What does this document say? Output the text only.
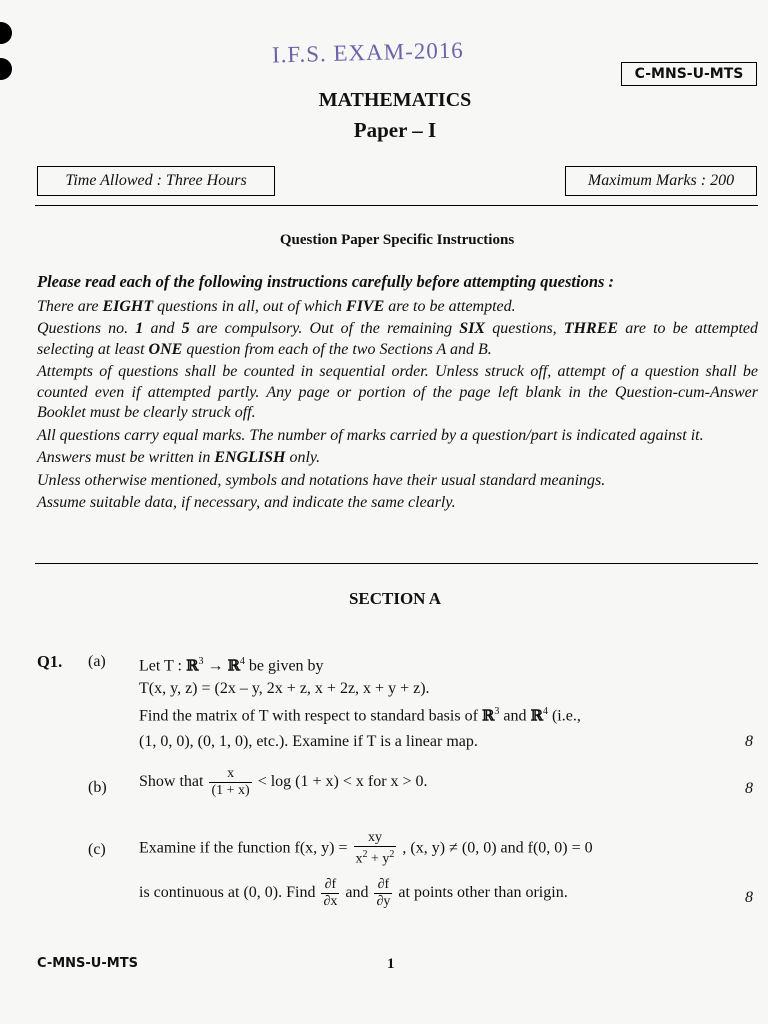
I.F.S. EXAM-2016
C-MNS-U-MTS
MATHEMATICS
Paper – I
Time Allowed : Three Hours	Maximum Marks : 200
Question Paper Specific Instructions

Please read each of the following instructions carefully before attempting questions :

There are EIGHT questions in all, out of which FIVE are to be attempted.

Questions no. 1 and 5 are compulsory. Out of the remaining SIX questions, THREE are to be attempted selecting at least ONE question from each of the two Sections A and B.

Attempts of questions shall be counted in sequential order. Unless struck off, attempt of a question shall be counted even if attempted partly. Any page or portion of the page left blank in the Question-cum-Answer Booklet must be clearly struck off.

All questions carry equal marks. The number of marks carried by a question/part is indicated against it.

Answers must be written in ENGLISH only.

Unless otherwise mentioned, symbols and notations have their usual standard meanings.

Assume suitable data, if necessary, and indicate the same clearly.

SECTION A
Q1. (a) Let T : ℝ$^3$ → ℝ$^4$ be given by
T(x, y, z) = (2x – y, 2x + z, x + 2z, x + y + z).
Find the matrix of T with respect to standard basis of ℝ$^3$ and ℝ$^4$ (i.e.,
(1, 0, 0), (0, 1, 0), etc.). Examine if T is a linear map.	8
(b) Show that $\frac{x}{(1 + x)} < \log (1 + x) < x$ for x > 0.	8
(c) Examine if the function f(x, $y) = \frac{xy}{x^2 + y^2}$ , (x, y) ≠ (0, 0) and f(0, 0) = 0
is continuous at (0, 0). Find $\frac{\partial f}{\partial x}$ and $\frac{\partial f}{\partial y}$ at points other than origin.	8
C-MNS-U-MTS	1
